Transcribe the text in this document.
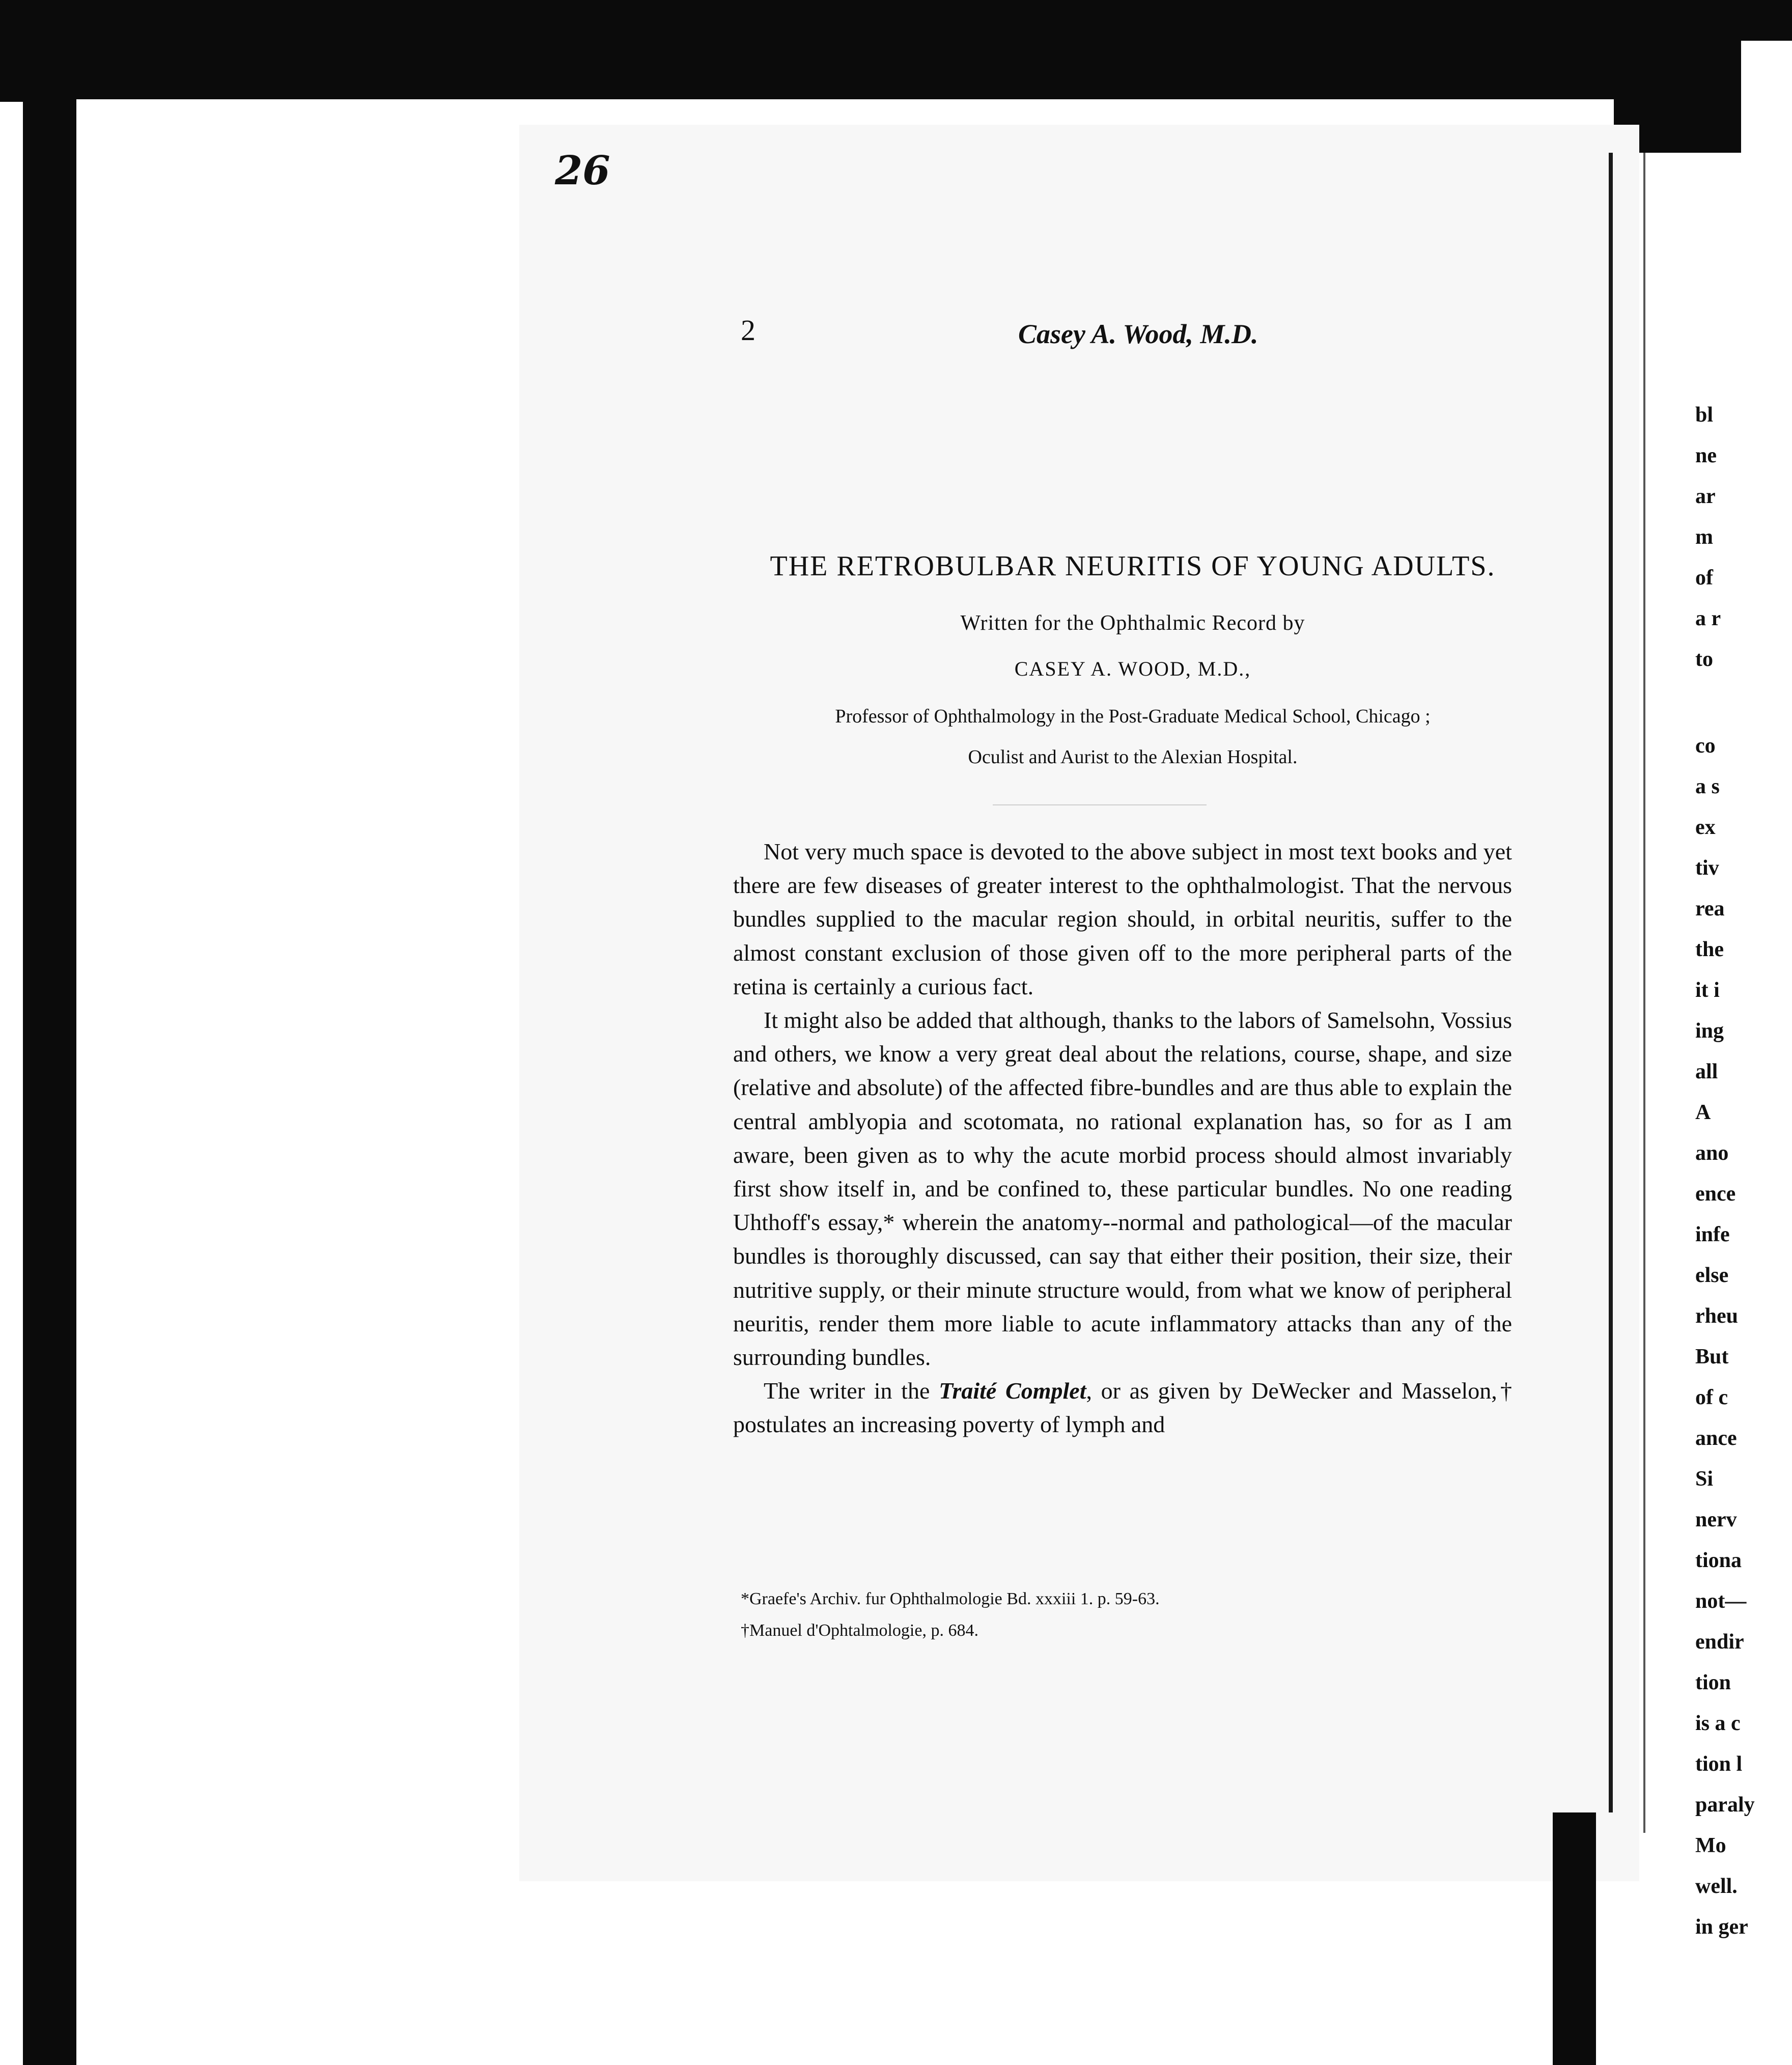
26
2	Casey A. Wood, M.D.
THE RETROBULBAR NEURITIS OF YOUNG ADULTS.
Written for the Ophthalmic Record by
CASEY A. WOOD, M.D.,
Professor of Ophthalmology in the Post-Graduate Medical School, Chicago ;
Oculist and Aurist to the Alexian Hospital.

Not very much space is devoted to the above subject in most text books and yet there are few diseases of greater interest to the ophthalmologist. That the nervous bundles supplied to the macular region should, in orbital neuritis, suffer to the almost constant exclusion of those given off to the more peripheral parts of the retina is certainly a curious fact.

It might also be added that although, thanks to the labors of Samelsohn, Vossius and others, we know a very great deal about the relations, course, shape, and size (relative and absolute) of the affected fibre-bundles and are thus able to explain the central amblyopia and scotomata, no rational explanation has, so for as I am aware, been given as to why the acute morbid process should almost invariably first show itself in, and be confined to, these particular bundles. No one reading Uhthoff's essay,* wherein the anatomy--normal and pathological—of the macular bundles is thoroughly discussed, can say that either their position, their size, their nutritive supply, or their minute structure would, from what we know of peripheral neuritis, render them more liable to acute inflammatory attacks than any of the surrounding bundles.

The writer in the Traité Complet, or as given by DeWecker and Masselon,† postulates an increasing poverty of lymph and

*Graefe's Archiv. fur Ophthalmologie Bd. xxxiii 1. p. 59-63.
†Manuel d'Ophtalmologie, p. 684.
bl
ne
ar
m
of
a r
to
co
a s
ex
tiv
rea
the
it i
ing
all
A
ano
ence
infe
else
rheu
But
of c
ance
Si
nerv
tiona
not—
endir
tion
is a c
tion l
paraly
Mo
well.
in ger
